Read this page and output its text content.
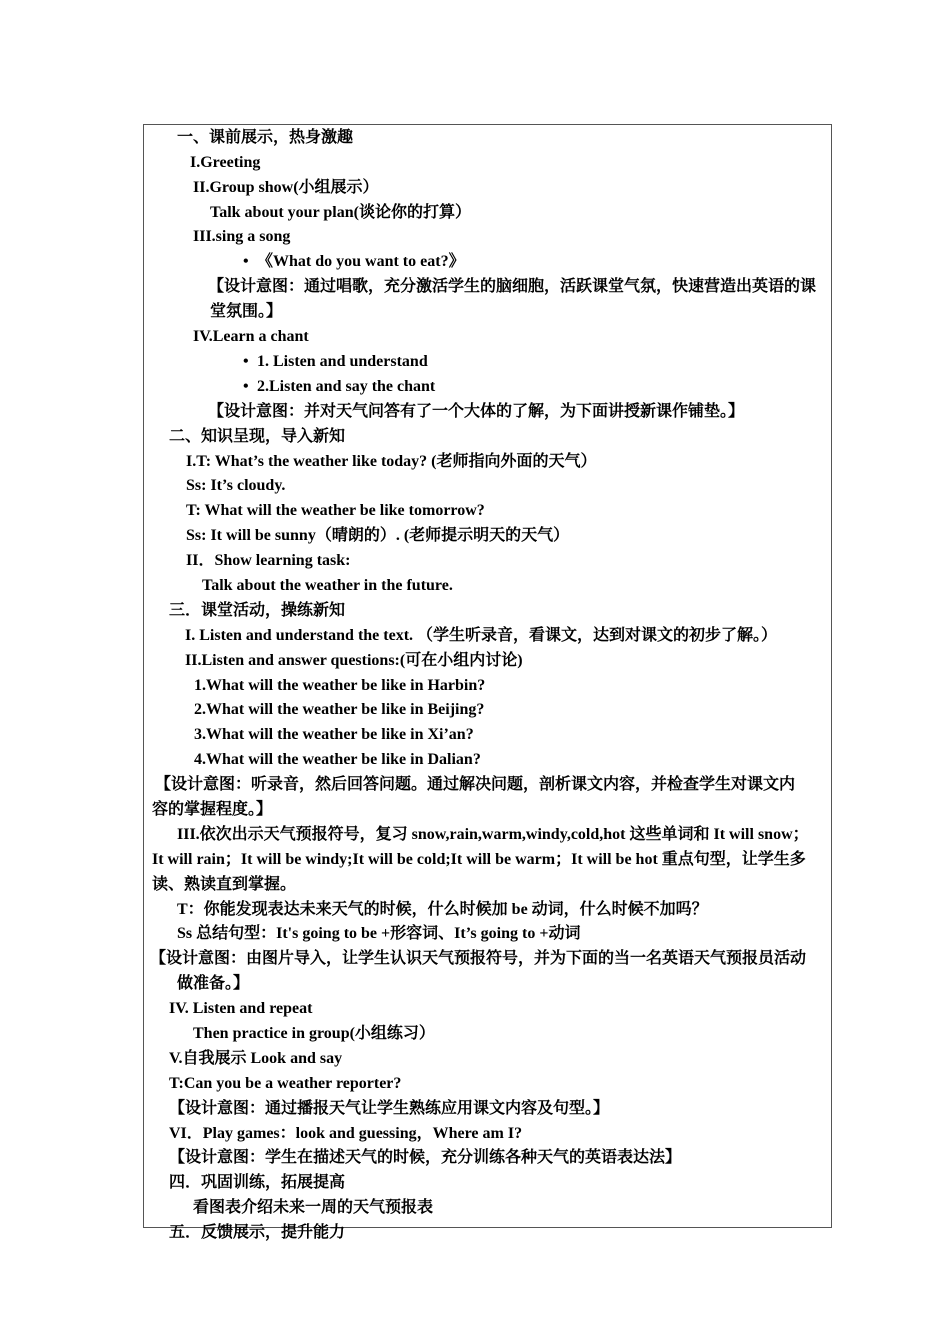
一、课前展示，热身激趣
I.Greeting
II.Group show(小组展示）
Talk about your plan(谈论你的打算）
III.sing a song
• 《What do you want to eat?》
【设计意图：通过唱歌，充分激活学生的脑细胞，活跃课堂气氛，快速营造出英语的课
堂氛围。】
IV.Learn a chant
• 1. Listen and understand
• 2.Listen and say the chant
【设计意图：并对天气问答有了一个大体的了解，为下面讲授新课作铺垫。】
二、知识呈现，导入新知
I.T: What’s the weather like today? (老师指向外面的天气）
Ss: It’s cloudy.
T: What will the weather be like tomorrow?
Ss: It will be sunny（晴朗的）. (老师提示明天的天气）
II．Show learning task:
Talk about the weather in the future.
三．课堂活动，操练新知
I. Listen and understand the text. （学生听录音，看课文，达到对课文的初步了解。）
II.Listen and answer questions:(可在小组内讨论)
1.What will the weather be like in Harbin?
2.What will the weather be like in Beijing?
3.What will the weather be like in Xi’an?
4.What will the weather be like in Dalian?
【设计意图：听录音，然后回答问题。通过解决问题，剖析课文内容，并检查学生对课文内
容的掌握程度。】
III.依次出示天气预报符号，复习 snow,rain,warm,windy,cold,hot 这些单词和 It will snow；
It will rain；It will be windy;It will be cold;It will be warm；It will be hot 重点句型，让学生多
读、熟读直到掌握。
T：你能发现表达未来天气的时候，什么时候加 be 动词，什么时候不加吗？
Ss 总结句型：It's going to be +形容词、It’s going to +动词
【设计意图：由图片导入，让学生认识天气预报符号，并为下面的当一名英语天气预报员活动
做准备。】
IV. Listen and repeat
Then practice in group(小组练习）
V.自我展示 Look and say
T:Can you be a weather reporter?
【设计意图：通过播报天气让学生熟练应用课文内容及句型。】
VI．Play games：look and guessing，Where am I?
【设计意图：学生在描述天气的时候，充分训练各种天气的英语表达法】
四．巩固训练，拓展提高
看图表介绍未来一周的天气预报表
五．反馈展示，提升能力
